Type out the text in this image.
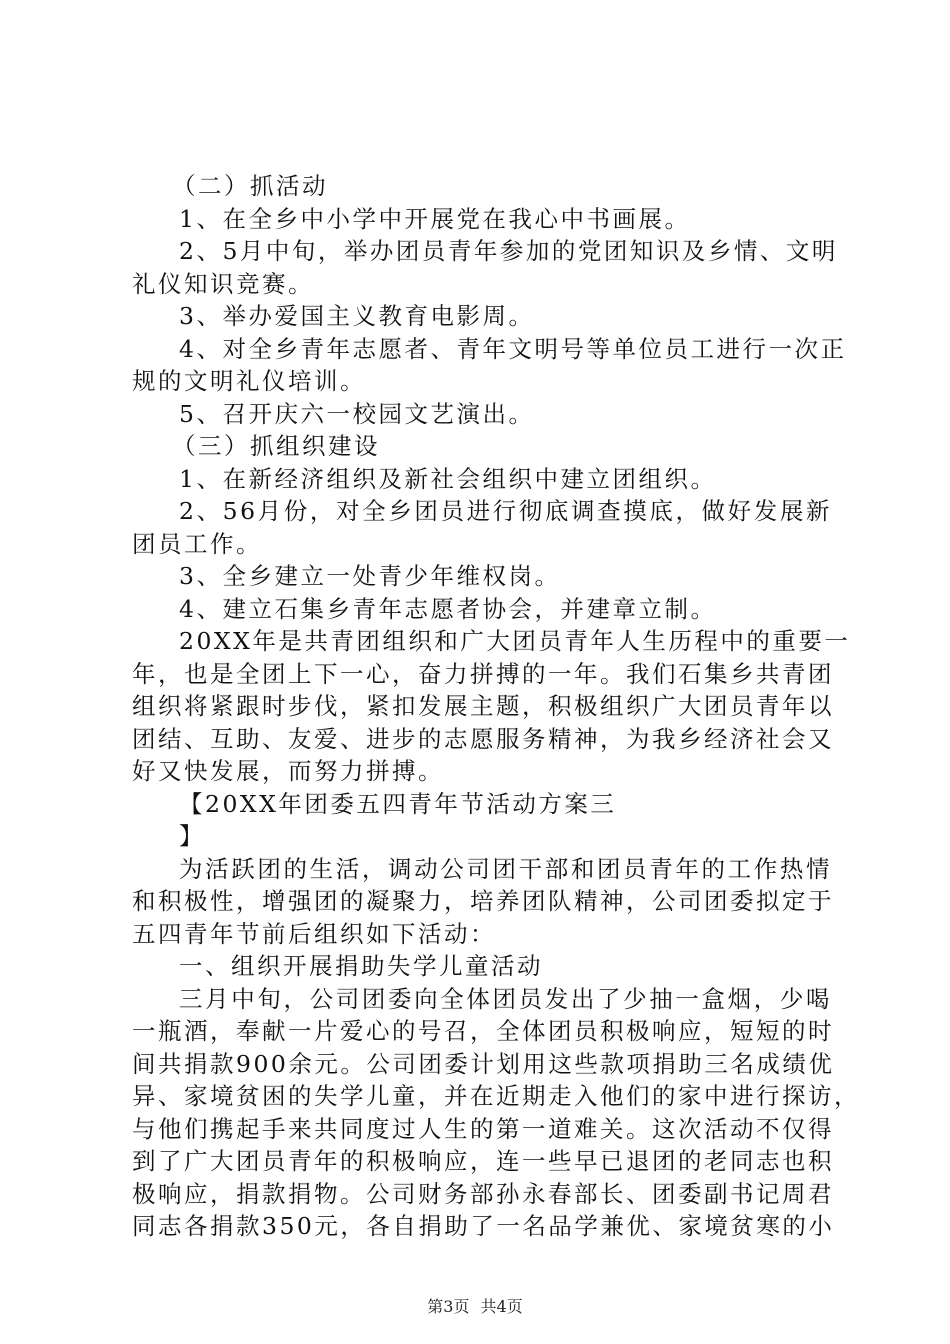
（二）抓活动
1、在全乡中小学中开展党在我心中书画展。
2、5月中旬，举办团员青年参加的党团知识及乡情、文明
礼仪知识竞赛。
3、举办爱国主义教育电影周。
4、对全乡青年志愿者、青年文明号等单位员工进行一次正
规的文明礼仪培训。
5、召开庆六一校园文艺演出。
（三）抓组织建设
1、在新经济组织及新社会组织中建立团组织。
2、56月份，对全乡团员进行彻底调查摸底，做好发展新
团员工作。
3、全乡建立一处青少年维权岗。
4、建立石集乡青年志愿者协会，并建章立制。
20XX年是共青团组织和广大团员青年人生历程中的重要一
年，也是全团上下一心，奋力拼搏的一年。我们石集乡共青团
组织将紧跟时步伐，紧扣发展主题，积极组织广大团员青年以
团结、互助、友爱、进步的志愿服务精神，为我乡经济社会又
好又快发展，而努力拼搏。
【20XX年团委五四青年节活动方案三
】
为活跃团的生活，调动公司团干部和团员青年的工作热情
和积极性，增强团的凝聚力，培养团队精神，公司团委拟定于
五四青年节前后组织如下活动：
一、组织开展捐助失学儿童活动
三月中旬，公司团委向全体团员发出了少抽一盒烟，少喝
一瓶酒，奉献一片爱心的号召，全体团员积极响应，短短的时
间共捐款900余元。公司团委计划用这些款项捐助三名成绩优
异、家境贫困的失学儿童，并在近期走入他们的家中进行探访，
与他们携起手来共同度过人生的第一道难关。这次活动不仅得
到了广大团员青年的积极响应，连一些早已退团的老同志也积
极响应，捐款捐物。公司财务部孙永春部长、团委副书记周君
同志各捐款350元，各自捐助了一名品学兼优、家境贫寒的小
第3页 共4页
